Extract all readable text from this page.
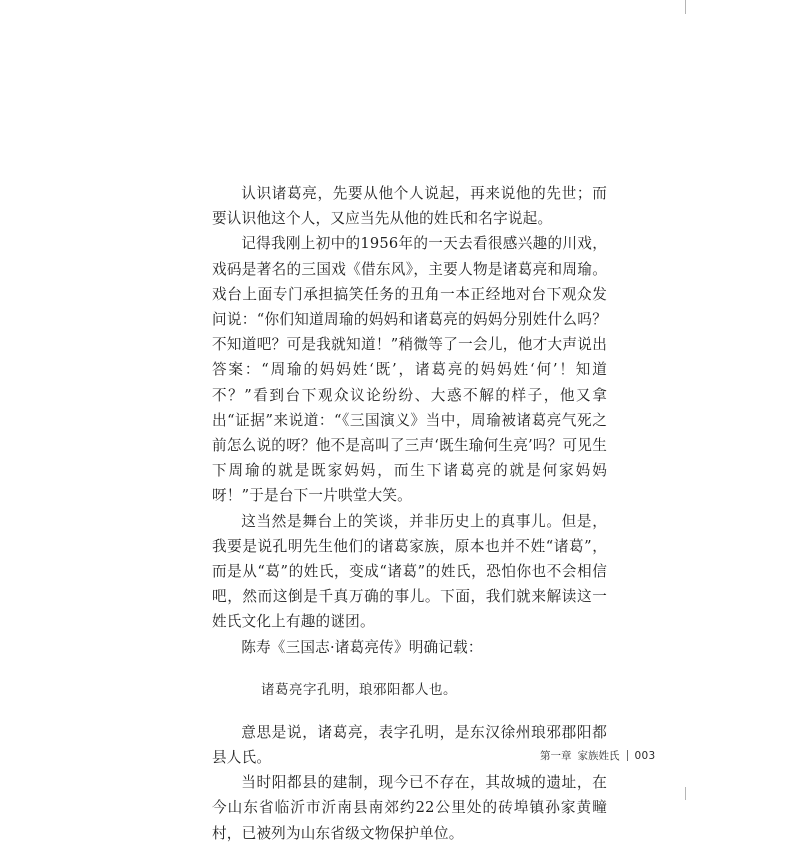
认识诸葛亮，先要从他个人说起，再来说他的先世；而要认识他这个人，又应当先从他的姓氏和名字说起。

记得我刚上初中的1956年的一天去看很感兴趣的川戏，戏码是著名的三国戏《借东风》，主要人物是诸葛亮和周瑜。戏台上面专门承担搞笑任务的丑角一本正经地对台下观众发问说：“你们知道周瑜的妈妈和诸葛亮的妈妈分别姓什么吗？不知道吧？可是我就知道！”稍微等了一会儿，他才大声说出答案：“周瑜的妈妈姓‘既’，诸葛亮的妈妈姓‘何’！知道不？”看到台下观众议论纷纷、大惑不解的样子，他又拿出“证据”来说道：“《三国演义》当中，周瑜被诸葛亮气死之前怎么说的呀？他不是高叫了三声‘既生瑜何生亮’吗？可见生下周瑜的就是既家妈妈，而生下诸葛亮的就是何家妈妈呀！”于是台下一片哄堂大笑。

这当然是舞台上的笑谈，并非历史上的真事儿。但是，我要是说孔明先生他们的诸葛家族，原本也并不姓“诸葛”，而是从“葛”的姓氏，变成“诸葛”的姓氏，恐怕你也不会相信吧，然而这倒是千真万确的事儿。下面，我们就来解读这一姓氏文化上有趣的谜团。

陈寿《三国志·诸葛亮传》明确记载：

诸葛亮字孔明，琅邪阳都人也。

意思是说，诸葛亮，表字孔明，是东汉徐州琅邪郡阳都县人氏。

当时阳都县的建制，现今已不存在，其故城的遗址，在今山东省临沂市沂南县南郊约22公里处的砖埠镇孙家黄疃村，已被列为山东省级文物保护单位。

第一章 家族姓氏 003
